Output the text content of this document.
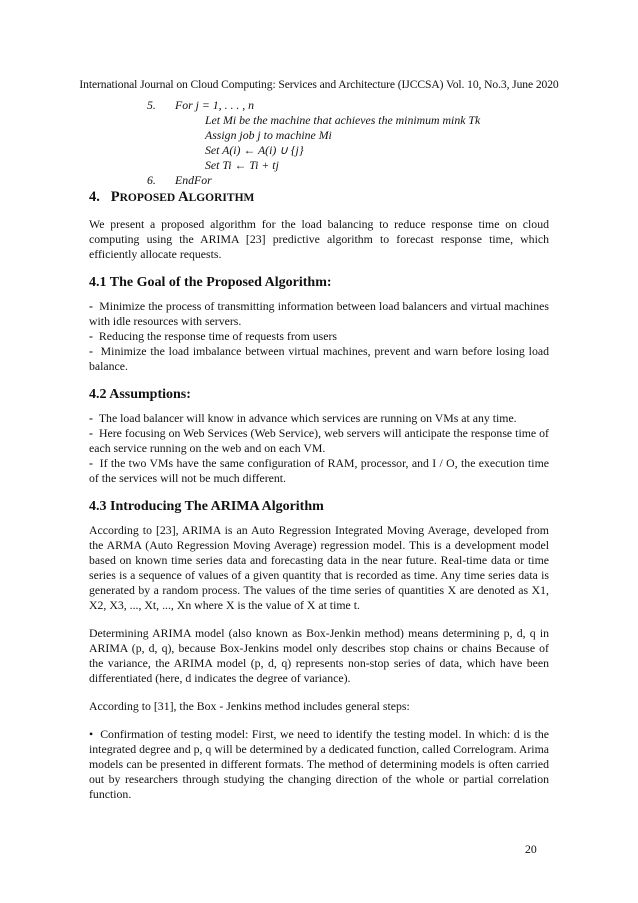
International Journal on Cloud Computing: Services and Architecture (IJCCSA) Vol. 10, No.3, June 2020
5. For j = 1, . . . , n
Let Mi be the machine that achieves the minimum mink Tk
Assign job j to machine Mi
Set A(i) ← A(i) ∪ {j}
Set Ti ← Ti + tj
6. EndFor
4. PROPOSED ALGORITHM

We present a proposed algorithm for the load balancing to reduce response time on cloud computing using the ARIMA [23] predictive algorithm to forecast response time, which efficiently allocate requests.

4.1 The Goal of the Proposed Algorithm:

- Minimize the process of transmitting information between load balancers and virtual machines with idle resources with servers.

- Reducing the response time of requests from users

- Minimize the load imbalance between virtual machines, prevent and warn before losing load balance.

4.2 Assumptions:

- The load balancer will know in advance which services are running on VMs at any time.

- Here focusing on Web Services (Web Service), web servers will anticipate the response time of each service running on the web and on each VM.

- If the two VMs have the same configuration of RAM, processor, and I / O, the execution time of the services will not be much different.

4.3 Introducing The ARIMA Algorithm

According to [23], ARIMA is an Auto Regression Integrated Moving Average, developed from the ARMA (Auto Regression Moving Average) regression model. This is a development model based on known time series data and forecasting data in the near future. Real-time data or time series is a sequence of values of a given quantity that is recorded as time. Any time series data is generated by a random process. The values of the time series of quantities X are denoted as X1, X2, X3, ..., Xt, ..., Xn where X is the value of X at time t.

Determining ARIMA model (also known as Box-Jenkin method) means determining p, d, q in ARIMA (p, d, q), because Box-Jenkins model only describes stop chains or chains Because of the variance, the ARIMA model (p, d, q) represents non-stop series of data, which have been differentiated (here, d indicates the degree of variance).

According to [31], the Box - Jenkins method includes general steps:

• Confirmation of testing model: First, we need to identify the testing model. In which: d is the integrated degree and p, q will be determined by a dedicated function, called Correlogram. Arima models can be presented in different formats. The method of determining models is often carried out by researchers through studying the changing direction of the whole or partial correlation function.

20
